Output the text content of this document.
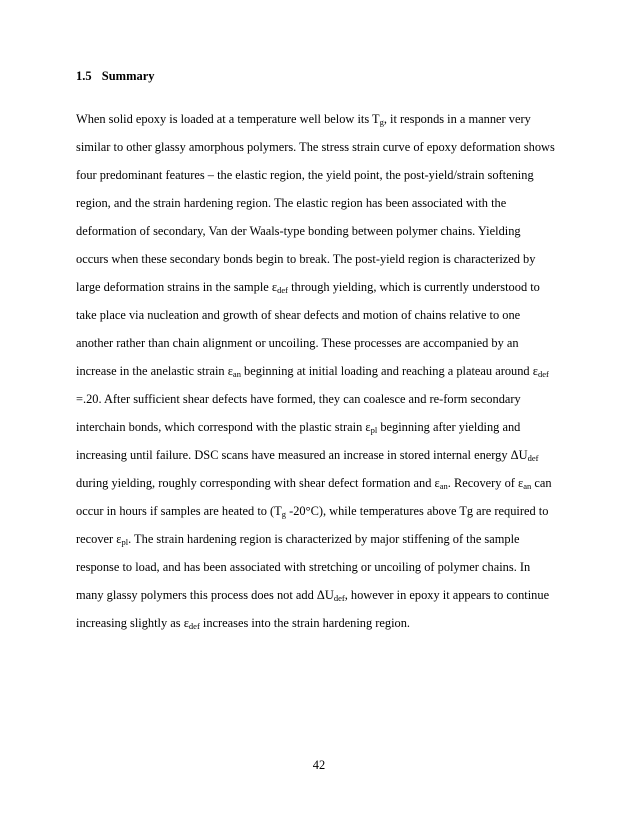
1.5 Summary
When solid epoxy is loaded at a temperature well below its $T_g$, it responds in a manner very
similar to other glassy amorphous polymers. The stress strain curve of epoxy deformation shows
four predominant features – the elastic region, the yield point, the post-yield/strain softening
region, and the strain hardening region. The elastic region has been associated with the
deformation of secondary, Van der Waals-type bonding between polymer chains. Yielding
occurs when these secondary bonds begin to break. The post-yield region is characterized by
large deformation strains in the sample $\varepsilon_{def}$ through yielding, which is currently understood to
take place via nucleation and growth of shear defects and motion of chains relative to one
another rather than chain alignment or uncoiling. These processes are accompanied by an
increase in the anelastic strain $\varepsilon_{an}$ beginning at initial loading and reaching a plateau around $\varepsilon_{def}$
=.20. After sufficient shear defects have formed, they can coalesce and re-form secondary
interchain bonds, which correspond with the plastic strain $\varepsilon_{pl}$ beginning after yielding and
increasing until failure. DSC scans have measured an increase in stored internal energy $\Delta U_{def}$
during yielding, roughly corresponding with shear defect formation and $\varepsilon_{an}$. Recovery of $\varepsilon_{an}$ can
occur in hours if samples are heated to ($T_g$ -20°C), while temperatures above Tg are required to
recover $\varepsilon_{pl}$. The strain hardening region is characterized by major stiffening of the sample
response to load, and has been associated with stretching or uncoiling of polymer chains. In
many glassy polymers this process does not add $\Delta U_{def}$, however in epoxy it appears to continue
increasing slightly as $\varepsilon_{def}$ increases into the strain hardening region.
42
